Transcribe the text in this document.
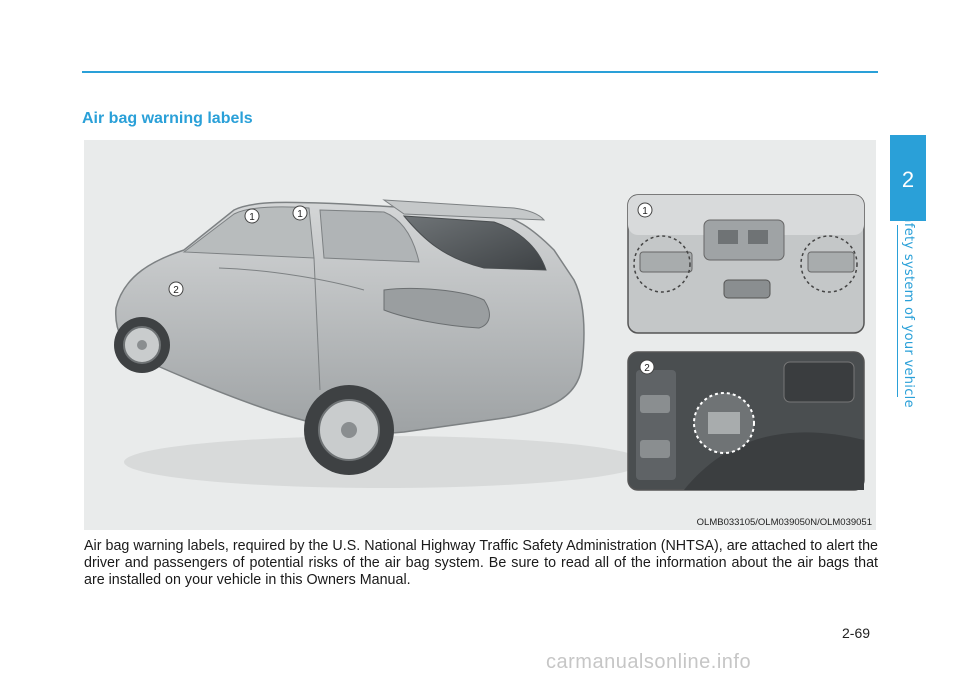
Air bag warning labels
1	1
2
1
2
OLMB033105/OLM039050N/OLM039051

Air bag warning labels, required by the U.S. National Highway Traffic Safety Administration (NHTSA), are attached to alert the driver and passengers of potential risks of the air bag system. Be sure to read all of the information about the air bags that are installed on your vehicle in this Owners Manual.

2
Safety system of your vehicle
2-69
carmanualsonline.info
